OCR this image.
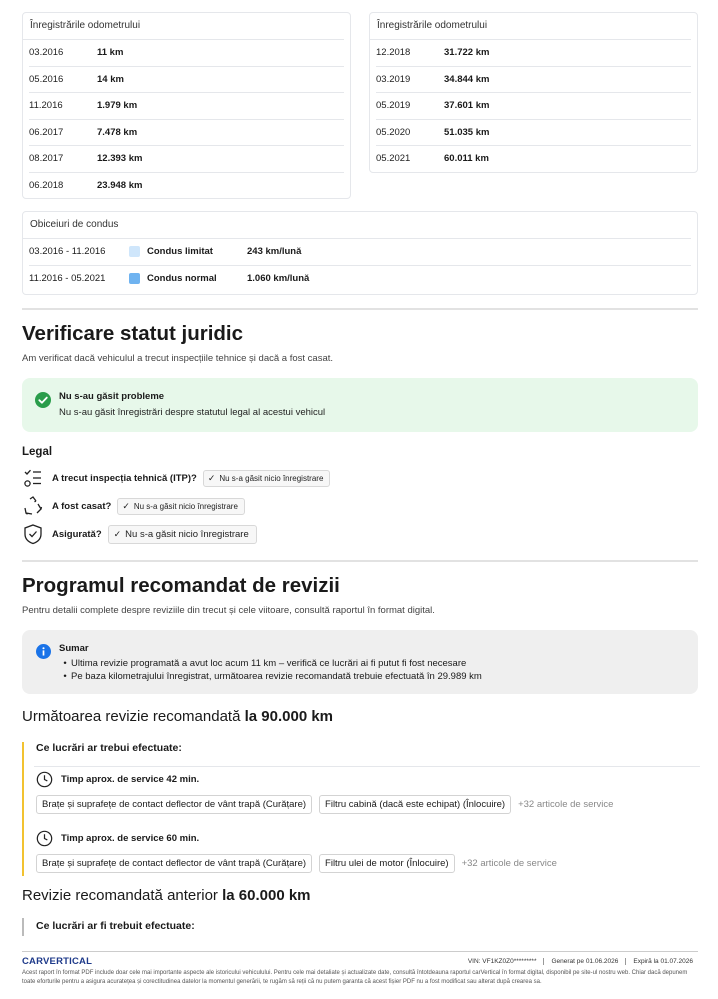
Înregistrările odometrului
03.2016	11 km
05.2016	14 km
11.2016	1.979 km
06.2017	7.478 km
08.2017	12.393 km
06.2018	23.948 km
Înregistrările odometrului
12.2018	31.722 km
03.2019	34.844 km
05.2019	37.601 km
05.2020	51.035 km
05.2021	60.011 km
Obiceiuri de condus
03.2016 - 11.2016	Condus limitat	243 km/lună
11.2016 - 05.2021	Condus normal	1.060 km/lună
Verificare statut juridic

Am verificat dacă vehiculul a trecut inspecțiile tehnice și dacă a fost casat.

Nu s-au găsit probleme
Nu s-au găsit înregistrări despre statutul legal al acestui vehicul
Legal
A trecut inspecția tehnică (ITP)? ✓ Nu s-a găsit nicio înregistrare
A fost casat? ✓ Nu s-a găsit nicio înregistrare
Asigurată? ✓ Nu s-a găsit nicio înregistrare
Programul recomandat de revizii

Pentru detalii complete despre reviziile din trecut și cele viitoare, consultă raportul în format digital.

Sumar
• Ultima revizie programată a avut loc acum 11 km – verifică ce lucrări ai fi putut fi fost necesare
• Pe baza kilometrajului înregistrat, următoarea revizie recomandată trebuie efectuată în 29.989 km
Următoarea revizie recomandată la 90.000 km
Ce lucrări ar trebui efectuate:
Timp aprox. de service 42 min.
Brațe și suprafețe de contact deflector de vânt trapă (Curățare)	Filtru cabină (dacă este echipat) (Înlocuire)	+32 articole de service
Timp aprox. de service 60 min.
Brațe și suprafețe de contact deflector de vânt trapă (Curățare)	Filtru ulei de motor (Înlocuire)	+32 articole de service
Revizie recomandată anterior la 60.000 km
Ce lucrări ar fi trebuit efectuate:
CARVERTICAL	VIN: VF1KZ0Z0*********	Generat pe 01.06.2026	Expiră la 01.07.2026
Acest raport în format PDF include doar cele mai importante aspecte ale istoricului vehiculului. Pentru cele mai detaliate și actualizate date, consultă întotdeauna raportul carVertical în format digital, disponibil pe site-ul nostru web. Chiar dacă depunem toate eforturile pentru a asigura acuratețea și corectitudinea datelor la momentul generării, te rugăm să reții că nu putem garanta că acest fișier PDF nu a fost modificat sau alterat după crearea sa.
